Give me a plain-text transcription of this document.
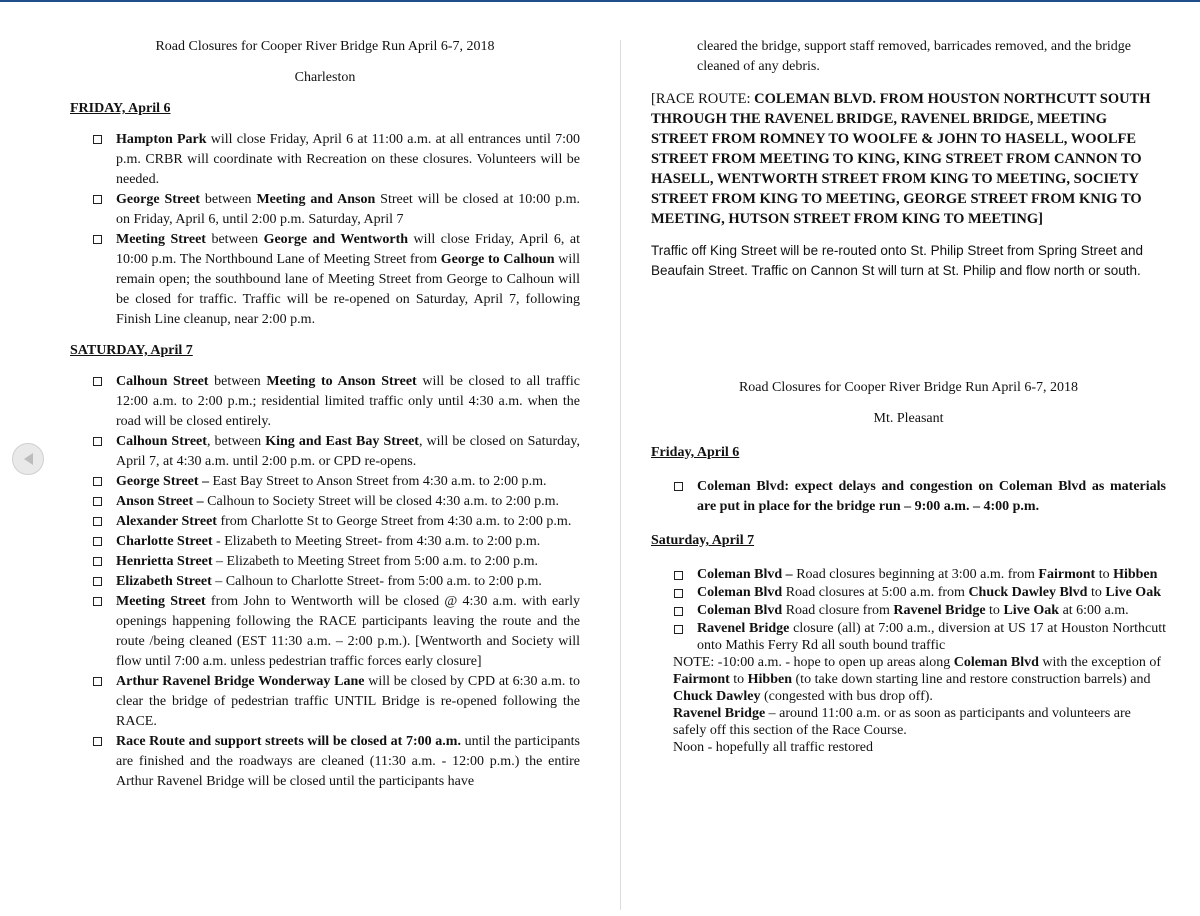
Road Closures for Cooper River Bridge Run April 6-7, 2018

Charleston

FRIDAY, April 6

Hampton Park will close Friday, April 6 at 11:00 a.m. at all entrances until 7:00 p.m. CRBR will coordinate with Recreation on these closures. Volunteers will be needed.
George Street between Meeting and Anson Street will be closed at 10:00 p.m. on Friday, April 6, until 2:00 p.m. Saturday, April 7
Meeting Street between George and Wentworth will close Friday, April 6, at 10:00 p.m. The Northbound Lane of Meeting Street from George to Calhoun will remain open; the southbound lane of Meeting Street from George to Calhoun will be closed for traffic. Traffic will be re-opened on Saturday, April 7, following Finish Line cleanup, near 2:00 p.m.

SATURDAY, April 7

Calhoun Street between Meeting to Anson Street will be closed to all traffic 12:00 a.m. to 2:00 p.m.; residential limited traffic only until 4:30 a.m. when the road will be closed entirely.
Calhoun Street, between King and East Bay Street, will be closed on Saturday, April 7, at 4:30 a.m. until 2:00 p.m. or CPD re-opens.
George Street – East Bay Street to Anson Street from 4:30 a.m. to 2:00 p.m.
Anson Street – Calhoun to Society Street will be closed 4:30 a.m. to 2:00 p.m.
Alexander Street from Charlotte St to George Street from 4:30 a.m. to 2:00 p.m.
Charlotte Street - Elizabeth to Meeting Street- from 4:30 a.m. to 2:00 p.m.
Henrietta Street – Elizabeth to Meeting Street from 5:00 a.m. to 2:00 p.m.
Elizabeth Street – Calhoun to Charlotte Street- from 5:00 a.m. to 2:00 p.m.
Meeting Street from John to Wentworth will be closed @ 4:30 a.m. with early openings happening following the RACE participants leaving the route and the route /being cleaned (EST 11:30 a.m. – 2:00 p.m.). [Wentworth and Society will flow until 7:00 a.m. unless pedestrian traffic forces early closure]
Arthur Ravenel Bridge Wonderway Lane will be closed by CPD at 6:30 a.m. to clear the bridge of pedestrian traffic UNTIL Bridge is re-opened following the RACE.
Race Route and support streets will be closed at 7:00 a.m. until the participants are finished and the roadways are cleaned (11:30 a.m. - 12:00 p.m.) the entire Arthur Ravenel Bridge will be closed until the participants have

cleared the bridge, support staff removed, barricades removed, and the bridge cleaned of any debris.

[RACE ROUTE: COLEMAN BLVD. FROM HOUSTON NORTHCUTT SOUTH THROUGH THE RAVENEL BRIDGE, RAVENEL BRIDGE, MEETING STREET FROM ROMNEY TO WOOLFE & JOHN TO HASELL, WOOLFE STREET FROM MEETING TO KING, KING STREET FROM CANNON TO HASELL, WENTWORTH STREET FROM KING TO MEETING, SOCIETY STREET FROM KING TO MEETING, GEORGE STREET FROM KNIG TO MEETING, HUTSON STREET FROM KING TO MEETING]

Traffic off King Street will be re-routed onto St. Philip Street from Spring Street and Beaufain Street. Traffic on Cannon St will turn at St. Philip and flow north or south.

Road Closures for Cooper River Bridge Run April 6-7, 2018

Mt. Pleasant

Friday, April 6

Coleman Blvd: expect delays and congestion on Coleman Blvd as materials are put in place for the bridge run – 9:00 a.m. – 4:00 p.m.

Saturday, April 7

Coleman Blvd – Road closures beginning at 3:00 a.m. from Fairmont to Hibben
Coleman Blvd Road closures at 5:00 a.m. from Chuck Dawley Blvd to Live Oak
Coleman Blvd Road closure from Ravenel Bridge to Live Oak at 6:00 a.m.
Ravenel Bridge closure (all) at 7:00 a.m., diversion at US 17 at Houston Northcutt onto Mathis Ferry Rd all south bound traffic

NOTE: -10:00 a.m. - hope to open up areas along Coleman Blvd with the exception of Fairmont to Hibben (to take down starting line and restore construction barrels) and Chuck Dawley (congested with bus drop off).

Ravenel Bridge – around 11:00 a.m. or as soon as participants and volunteers are safely off this section of the Race Course.

Noon - hopefully all traffic restored
